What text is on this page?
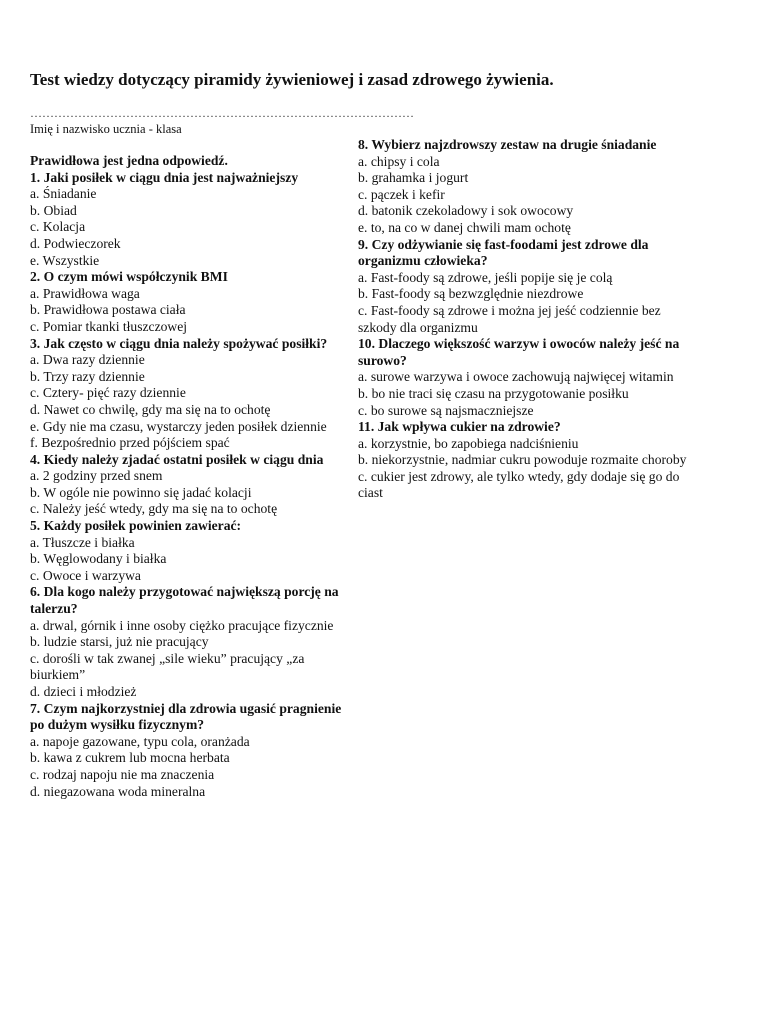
Test wiedzy dotyczący piramidy żywieniowej i zasad zdrowego żywienia.
……………………………………………………………………………………
Imię i nazwisko ucznia - klasa
Prawidłowa jest jedna odpowiedź.
1. Jaki posiłek w ciągu dnia jest najważniejszy
a. Śniadanie
b. Obiad
c. Kolacja
d. Podwieczorek
e. Wszystkie
2. O czym mówi współczynik BMI
a. Prawidłowa waga
b. Prawidłowa postawa ciała
c. Pomiar tkanki tłuszczowej
3. Jak często w ciągu dnia należy spożywać posiłki?
a. Dwa razy dziennie
b. Trzy razy dziennie
c. Cztery- pięć razy dziennie
d. Nawet co chwilę, gdy ma się na to ochotę
e. Gdy nie ma czasu, wystarczy jeden posiłek dziennie
f. Bezpośrednio przed pójściem spać
4. Kiedy należy zjadać ostatni posiłek w ciągu dnia
a. 2 godziny przed snem
b. W ogóle nie powinno się jadać kolacji
c. Należy jeść wtedy, gdy ma się na to ochotę
5. Każdy posiłek powinien zawierać:
a. Tłuszcze i białka
b. Węglowodany i białka
c. Owoce i warzywa
6. Dla kogo należy przygotować największą porcję na talerzu?
a. drwal, górnik i inne osoby ciężko pracujące fizycznie
b. ludzie starsi, już nie pracujący
c. dorośli w tak zwanej „sile wieku” pracujący „za biurkiem”
d. dzieci i młodzież
7. Czym najkorzystniej dla zdrowia ugasić pragnienie po dużym wysiłku fizycznym?
a. napoje gazowane, typu cola, oranżada
b. kawa z cukrem lub mocna herbata
c. rodzaj napoju nie ma znaczenia
d. niegazowana woda mineralna
8. Wybierz najzdrowszy zestaw na drugie śniadanie
a. chipsy i cola
b. grahamka i jogurt
c. pączek i kefir
d. batonik czekoladowy i sok owocowy
e. to, na co w danej chwili mam ochotę
9. Czy odżywianie się fast-foodami jest zdrowe dla organizmu człowieka?
a. Fast-foody są zdrowe, jeśli popije się je colą
b. Fast-foody są bezwzględnie niezdrowe
c. Fast-foody są zdrowe i można jej jeść codziennie bez szkody dla organizmu
10. Dlaczego większość warzyw i owoców należy jeść na surowo?
a. surowe warzywa i owoce zachowują najwięcej witamin
b. bo nie traci się czasu na przygotowanie posiłku
c. bo surowe są najsmaczniejsze
11. Jak wpływa cukier na zdrowie?
a. korzystnie, bo zapobiega nadciśnieniu
b. niekorzystnie, nadmiar cukru powoduje rozmaite choroby
c. cukier jest zdrowy, ale tylko wtedy, gdy dodaje się go do ciast
